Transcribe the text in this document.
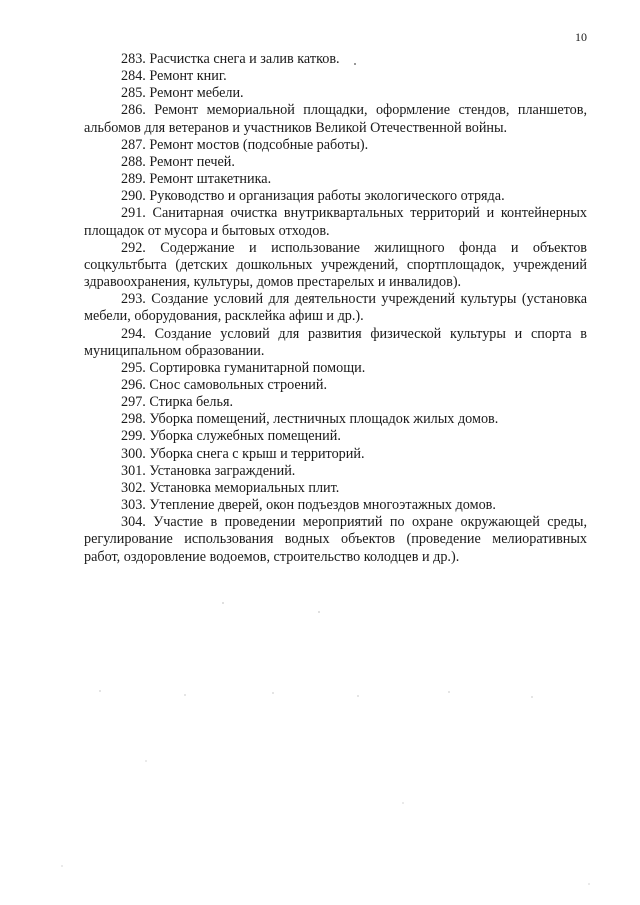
10

283. Расчистка снега и залив катков.

284. Ремонт книг.

285. Ремонт мебели.

286. Ремонт мемориальной площадки, оформление стендов, планшетов, альбомов для ветеранов и участников Великой Отечественной войны.

287. Ремонт мостов (подсобные работы).

288. Ремонт печей.

289. Ремонт штакетника.

290. Руководство и организация работы экологического отряда.

291. Санитарная очистка внутриквартальных территорий и контейнерных площадок от мусора и бытовых отходов.

292. Содержание и использование жилищного фонда и объектов соцкультбыта (детских дошкольных учреждений, спортплощадок, учреждений здравоохранения, культуры, домов престарелых и инвалидов).

293. Создание условий для деятельности учреждений культуры (установка мебели, оборудования, расклейка афиш и др.).

294. Создание условий для развития физической культуры и спорта в муниципальном образовании.

295. Сортировка гуманитарной помощи.

296. Снос самовольных строений.

297. Стирка белья.

298. Уборка помещений, лестничных площадок жилых домов.

299. Уборка служебных помещений.

300. Уборка снега с крыш и территорий.

301. Установка заграждений.

302. Установка мемориальных плит.

303. Утепление дверей, окон подъездов многоэтажных домов.

304. Участие в проведении мероприятий по охране окружающей среды, регулирование использования водных объектов (проведение мелиоративных работ, оздоровление водоемов, строительство колодцев и др.).
